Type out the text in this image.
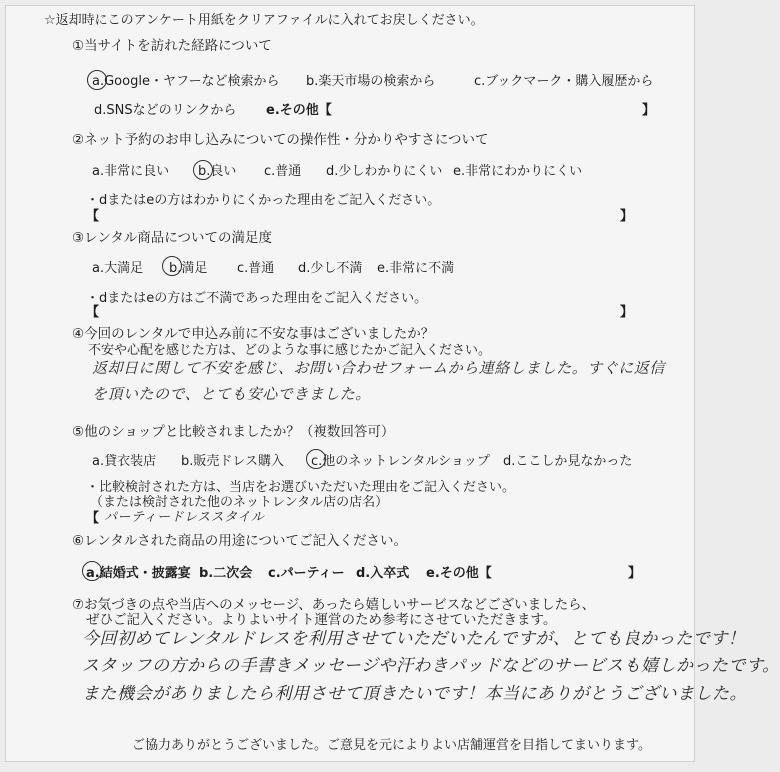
☆返却時にこのアンケート用紙をクリアファイルに入れてお戻しください。
①当サイトを訪れた経路について
a.Google・ヤフーなど検索から b.楽天市場の検索から	c.ブックマーク・購入履歴から
d.SNSなどのリンクから e.その他【	】
②ネット予約のお申し込みについての操作性・分かりやすさについて
a.非常に良い b.良い c.普通 d.少しわかりにくい e.非常にわかりにくい
・dまたはeの方はわかりにくかった理由をご記入ください。
【	】
③レンタル商品についての満足度
a.大満足 b.満足 c.普通 d.少し不満 e.非常に不満
・dまたはeの方はご不満であった理由をご記入ください。
【	】
④今回のレンタルで申込み前に不安な事はございましたか？
不安や心配を感じた方は、どのような事に感じたかご記入ください。
返却日に関して不安を感じ、お問い合わせフォームから連絡しました。すぐに返信
を頂いたので、とても安心できました。
⑤他のショップと比較されましたか？（複数回答可）
a.貸衣装店 b.販売ドレス購入 c.他のネットレンタルショップ d.ここしか見なかった
・比較検討された方は、当店をお選びいただいた理由をご記入ください。
（または検討された他のネットレンタル店の店名）
【 パーティードレススタイル
⑥レンタルされた商品の用途についてご記入ください。
a.結婚式・披露宴 b.二次会 c.パーティー d.入卒式 e.その他【	】
⑦お気づきの点や当店へのメッセージ、あったら嬉しいサービスなどございましたら、
ぜひご記入ください。よりよいサイト運営のため参考にさせていただきます。
今回初めてレンタルドレスを利用させていただいたんですが、とても良かったです！
スタッフの方からの手書きメッセージや汗わきパッドなどのサービスも嬉しかったです。
また機会がありましたら利用させて頂きたいです！本当にありがとうございました。
ご協力ありがとうございました。ご意見を元によりよい店舗運営を目指してまいります。
